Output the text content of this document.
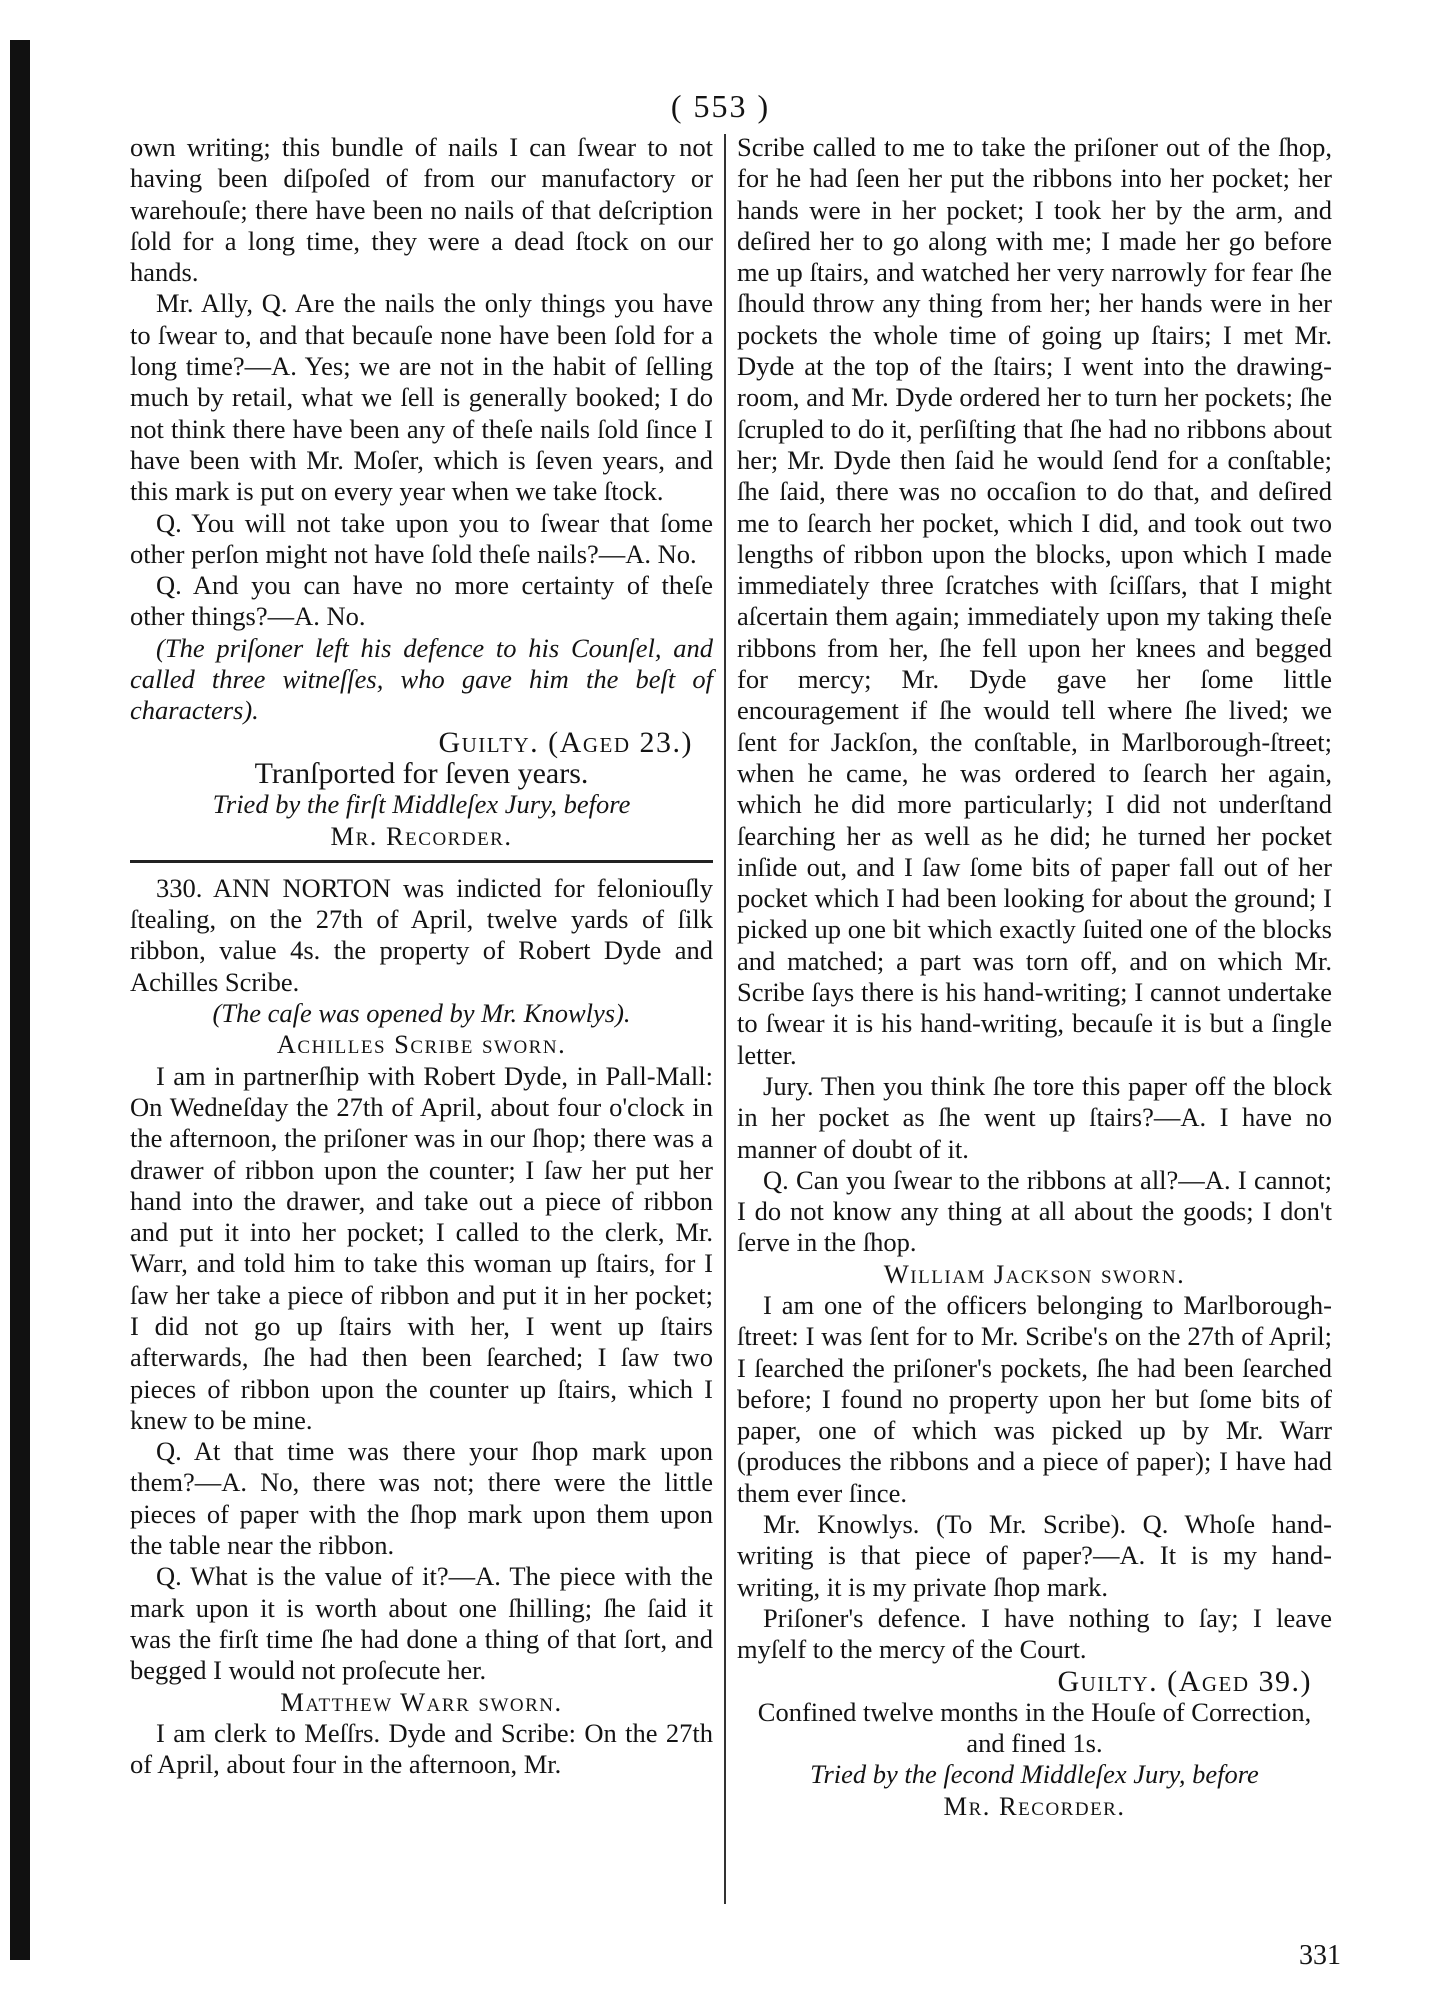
( 553 )

own writing; this bundle of nails I can ſwear to not having been diſpoſed of from our manufactory or warehouſe; there have been no nails of that deſcription ſold for a long time, they were a dead ſtock on our hands.

Mr. Ally, Q. Are the nails the only things you have to ſwear to, and that becauſe none have been ſold for a long time?—A. Yes; we are not in the habit of ſelling much by retail, what we ſell is generally booked; I do not think there have been any of theſe nails ſold ſince I have been with Mr. Moſer, which is ſeven years, and this mark is put on every year when we take ſtock.

Q. You will not take upon you to ſwear that ſome other perſon might not have ſold theſe nails?—A. No.

Q. And you can have no more certainty of theſe other things?—A. No.

(The priſoner left his defence to his Counſel, and called three witneſſes, who gave him the beſt of characters).

Guilty. (Aged 23.)

Tranſported for ſeven years.

Tried by the firſt Middleſex Jury, before

Mr. Recorder.

330. ANN NORTON was indicted for feloniouſly ſtealing, on the 27th of April, twelve yards of ſilk ribbon, value 4s. the property of Robert Dyde and Achilles Scribe.

(The caſe was opened by Mr. Knowlys).

Achilles Scribe ſworn.

I am in partnerſhip with Robert Dyde, in Pall-Mall: On Wedneſday the 27th of April, about four o'clock in the afternoon, the priſoner was in our ſhop; there was a drawer of ribbon upon the counter; I ſaw her put her hand into the drawer, and take out a piece of ribbon and put it into her pocket; I called to the clerk, Mr. Warr, and told him to take this woman up ſtairs, for I ſaw her take a piece of ribbon and put it in her pocket; I did not go up ſtairs with her, I went up ſtairs afterwards, ſhe had then been ſearched; I ſaw two pieces of ribbon upon the counter up ſtairs, which I knew to be mine.

Q. At that time was there your ſhop mark upon them?—A. No, there was not; there were the little pieces of paper with the ſhop mark upon them upon the table near the ribbon.

Q. What is the value of it?—A. The piece with the mark upon it is worth about one ſhilling; ſhe ſaid it was the firſt time ſhe had done a thing of that ſort, and begged I would not proſecute her.

Matthew Warr ſworn.

I am clerk to Meſſrs. Dyde and Scribe: On the 27th of April, about four in the afternoon, Mr.

Scribe called to me to take the priſoner out of the ſhop, for he had ſeen her put the ribbons into her pocket; her hands were in her pocket; I took her by the arm, and deſired her to go along with me; I made her go before me up ſtairs, and watched her very narrowly for fear ſhe ſhould throw any thing from her; her hands were in her pockets the whole time of going up ſtairs; I met Mr. Dyde at the top of the ſtairs; I went into the drawing-room, and Mr. Dyde ordered her to turn her pockets; ſhe ſcrupled to do it, perſiſting that ſhe had no ribbons about her; Mr. Dyde then ſaid he would ſend for a conſtable; ſhe ſaid, there was no occaſion to do that, and deſired me to ſearch her pocket, which I did, and took out two lengths of ribbon upon the blocks, upon which I made immediately three ſcratches with ſciſſars, that I might aſcertain them again; immediately upon my taking theſe ribbons from her, ſhe fell upon her knees and begged for mercy; Mr. Dyde gave her ſome little encouragement if ſhe would tell where ſhe lived; we ſent for Jackſon, the conſtable, in Marlborough-ſtreet; when he came, he was ordered to ſearch her again, which he did more particularly; I did not underſtand ſearching her as well as he did; he turned her pocket inſide out, and I ſaw ſome bits of paper fall out of her pocket which I had been looking for about the ground; I picked up one bit which exactly ſuited one of the blocks and matched; a part was torn off, and on which Mr. Scribe ſays there is his hand-writing; I cannot undertake to ſwear it is his hand-writing, becauſe it is but a ſingle letter.

Jury. Then you think ſhe tore this paper off the block in her pocket as ſhe went up ſtairs?—A. I have no manner of doubt of it.

Q. Can you ſwear to the ribbons at all?—A. I cannot; I do not know any thing at all about the goods; I don't ſerve in the ſhop.

William Jackson ſworn.

I am one of the officers belonging to Marlborough-ſtreet: I was ſent for to Mr. Scribe's on the 27th of April; I ſearched the priſoner's pockets, ſhe had been ſearched before; I found no property upon her but ſome bits of paper, one of which was picked up by Mr. Warr (produces the ribbons and a piece of paper); I have had them ever ſince.

Mr. Knowlys. (To Mr. Scribe). Q. Whoſe hand-writing is that piece of paper?—A. It is my hand-writing, it is my private ſhop mark.

Priſoner's defence. I have nothing to ſay; I leave myſelf to the mercy of the Court.

Guilty. (Aged 39.)

Confined twelve months in the Houſe of Correction, and fined 1s.

Tried by the ſecond Middleſex Jury, before

Mr. Recorder.

331
